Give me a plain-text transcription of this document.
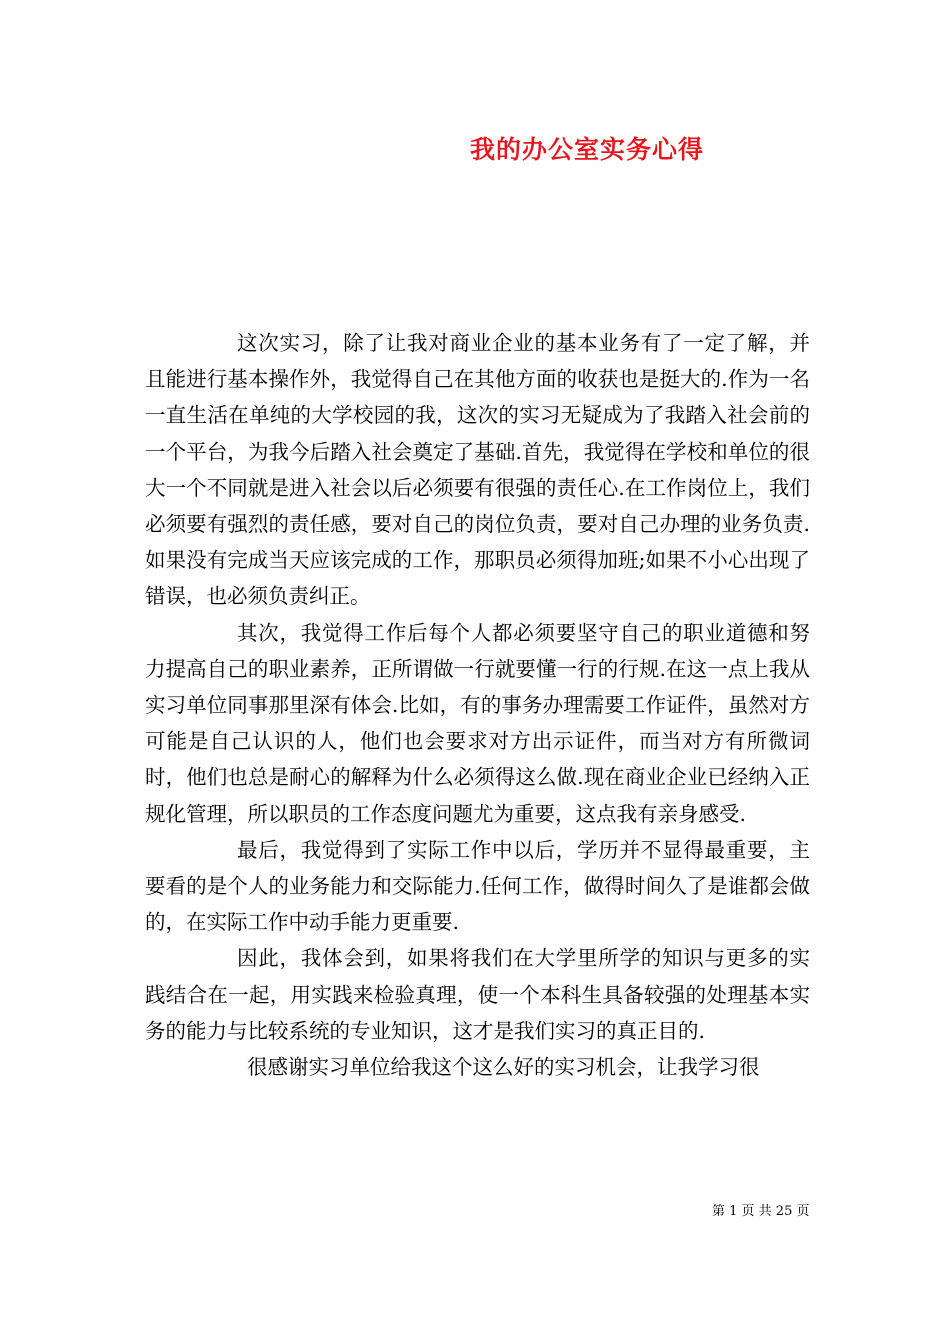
我的办公室实务心得

这次实习，除了让我对商业企业的基本业务有了一定了解，并且能进行基本操作外，我觉得自己在其他方面的收获也是挺大的.作为一名一直生活在单纯的大学校园的我，这次的实习无疑成为了我踏入社会前的一个平台，为我今后踏入社会奠定了基础.首先，我觉得在学校和单位的很大一个不同就是进入社会以后必须要有很强的责任心.在工作岗位上，我们必须要有强烈的责任感，要对自己的岗位负责，要对自己办理的业务负责.如果没有完成当天应该完成的工作，那职员必须得加班;如果不小心出现了错误，也必须负责纠正。

其次，我觉得工作后每个人都必须要坚守自己的职业道德和努力提高自己的职业素养，正所谓做一行就要懂一行的行规.在这一点上我从实习单位同事那里深有体会.比如，有的事务办理需要工作证件，虽然对方可能是自己认识的人，他们也会要求对方出示证件，而当对方有所微词时，他们也总是耐心的解释为什么必须得这么做.现在商业企业已经纳入正规化管理，所以职员的工作态度问题尤为重要，这点我有亲身感受.

最后，我觉得到了实际工作中以后，学历并不显得最重要，主要看的是个人的业务能力和交际能力.任何工作，做得时间久了是谁都会做的，在实际工作中动手能力更重要.

因此，我体会到，如果将我们在大学里所学的知识与更多的实践结合在一起，用实践来检验真理，使一个本科生具备较强的处理基本实务的能力与比较系统的专业知识，这才是我们实习的真正目的.

很感谢实习单位给我这个这么好的实习机会，让我学习很

第 1 页 共 25 页
